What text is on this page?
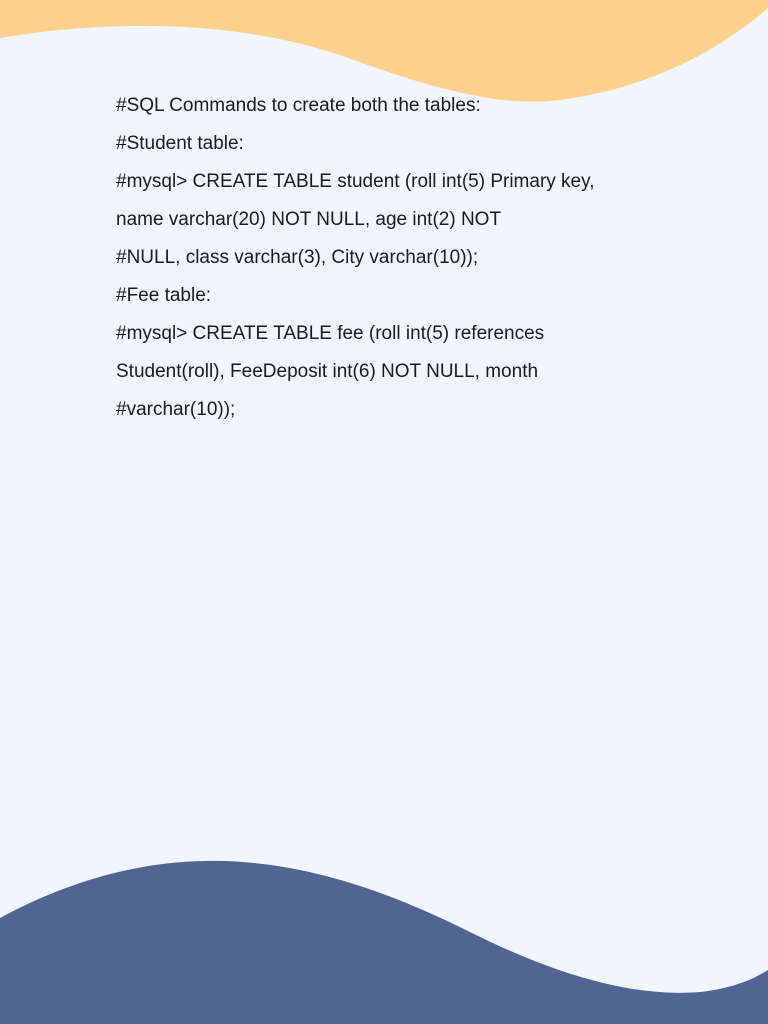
#SQL Commands to create both the tables:
#Student table:
#mysql> CREATE TABLE student (roll int(5) Primary key,
name varchar(20) NOT NULL, age int(2) NOT
#NULL, class varchar(3), City varchar(10));
#Fee table:
#mysql> CREATE TABLE fee (roll int(5) references
Student(roll), FeeDeposit int(6) NOT NULL, month
#varchar(10));
